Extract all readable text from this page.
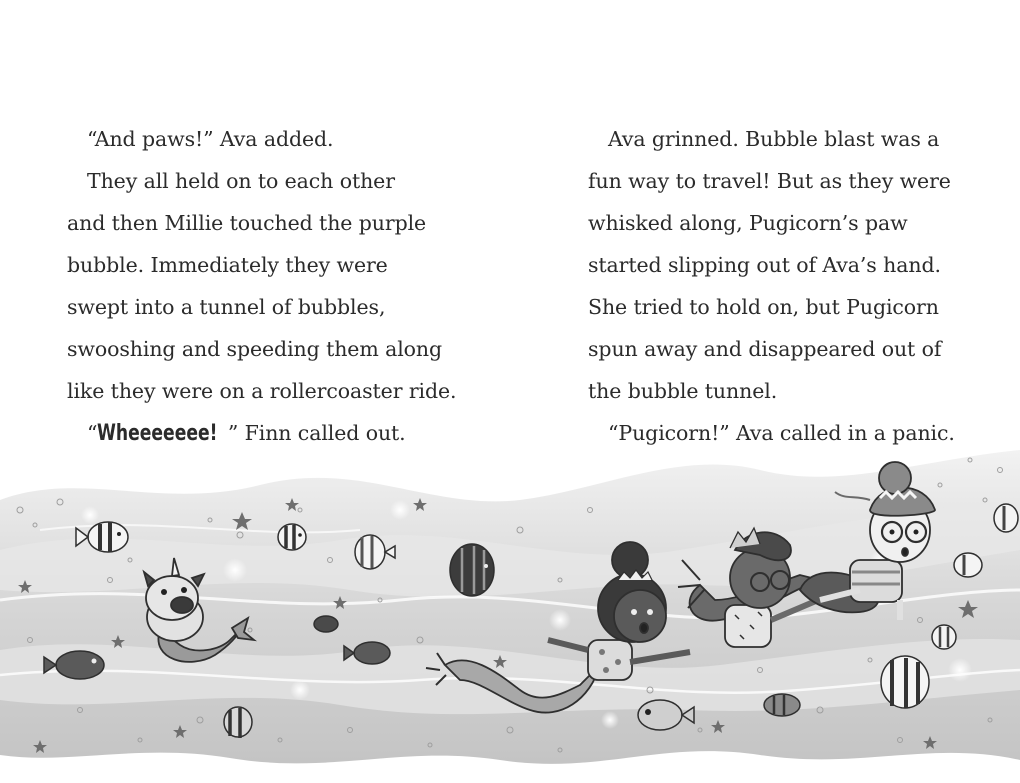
“And paws!” Ava added.
They all held on to each other
and then Millie touched the purple
bubble. Immediately they were
swept into a tunnel of bubbles,
swooshing and speeding them along
like they were on a rollercoaster ride.
“Wheeeeeee! ” Finn called out.
Ava grinned. Bubble blast was a
fun way to travel! But as they were
whisked along, Pugicorn’s paw
started slipping out of Ava’s hand.
She tried to hold on, but Pugicorn
spun away and disappeared out of
the bubble tunnel.
“Pugicorn!” Ava called in a panic.
